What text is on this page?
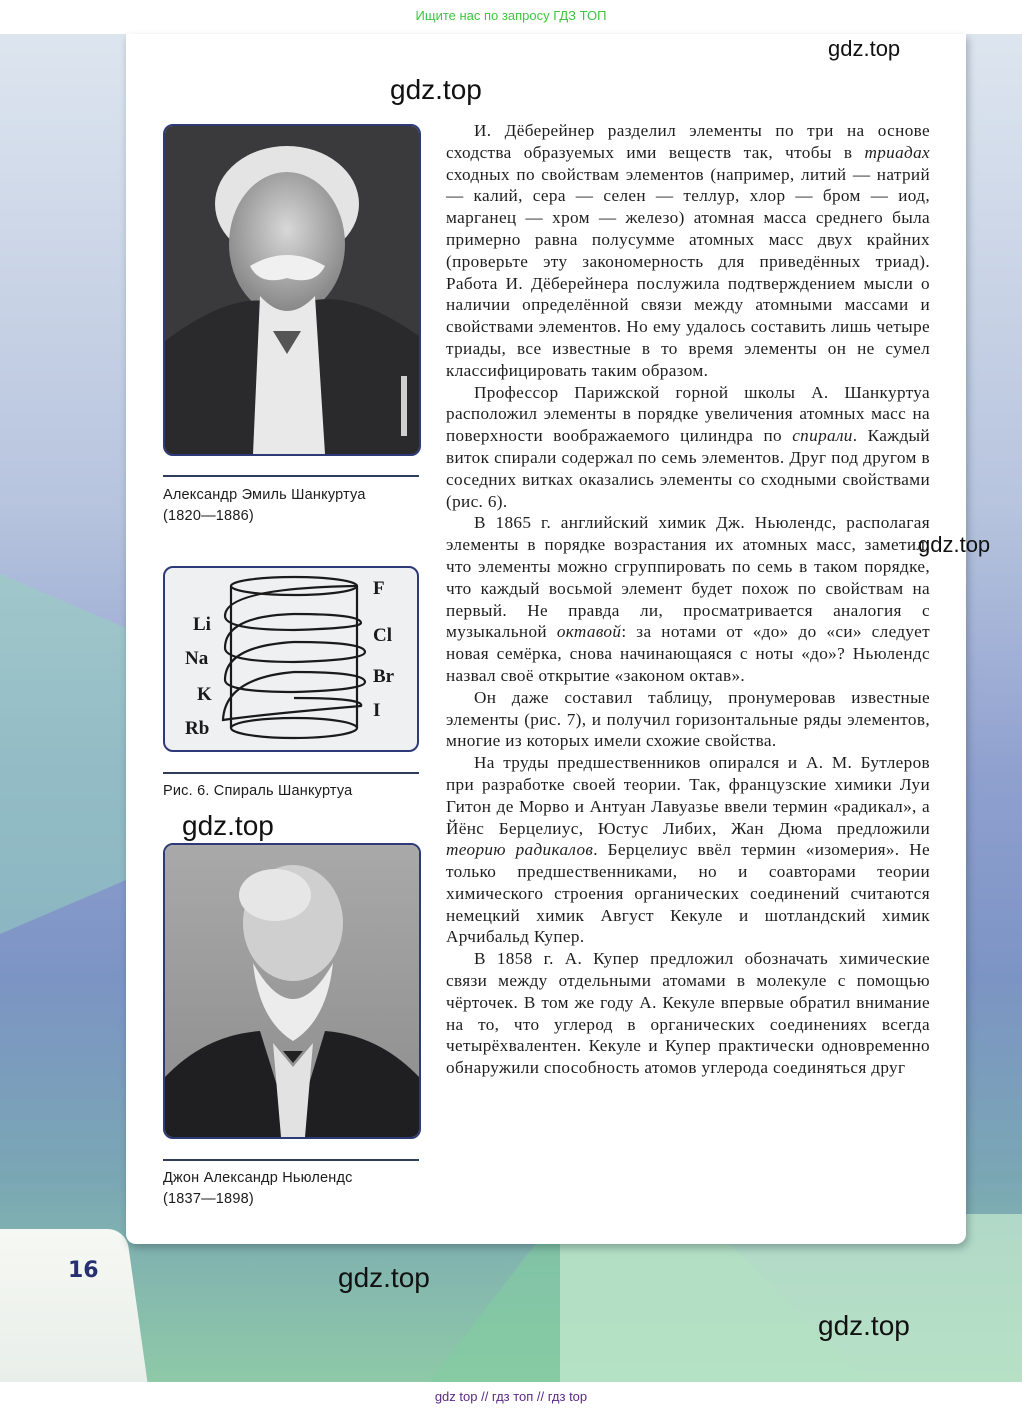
Ищите нас по запросу ГДЗ ТОП
16
Александр Эмиль Шанкуртуа
(1820—1886)
F
Cl
Br
I
Li
Na
K
Rb
Рис. 6. Спираль Шанкуртуа
Джон Александр Ньюлендс
(1837—1898)

И. Дёберейнер разделил элементы по три на основе сходства образуемых ими веществ так, чтобы в триадах сходных по свойствам элементов (например, литий — натрий — калий, сера — селен — теллур, хлор — бром — иод, марганец — хром — железо) атомная масса среднего была примерно равна полусумме атомных масс двух крайних (проверьте эту закономерность для приведённых триад). Работа И. Дёберейнера послужила подтверждением мысли о наличии определённой связи между атомными массами и свойствами элементов. Но ему удалось составить лишь четыре триады, все известные в то время элементы он не сумел классифицировать таким образом.

Профессор Парижской горной школы А. Шанкуртуа расположил элементы в порядке увеличения атомных масс на поверхности воображаемого цилиндра по спирали. Каждый виток спирали содержал по семь элементов. Друг под другом в соседних витках оказались элементы со сходными свойствами (рис. 6).

В 1865 г. английский химик Дж. Ньюлендс, располагая элементы в порядке возрастания их атомных масс, заметил, что элементы можно сгруппировать по семь в таком порядке, что каждый восьмой элемент будет похож по свойствам на первый. Не правда ли, просматривается аналогия с музыкальной октавой: за нотами от «до» до «си» следует новая семёрка, снова начинающаяся с ноты «до»? Ньюлендс назвал своё открытие «законом октав».

Он даже составил таблицу, пронумеровав известные элементы (рис. 7), и получил горизонтальные ряды элементов, многие из которых имели схожие свойства.

На труды предшественников опирался и А. М. Бутлеров при разработке своей теории. Так, французские химики Луи Гитон де Морво и Антуан Лавуазье ввели термин «радикал», а Йёнс Берцелиус, Юстус Либих, Жан Дюма предложили теорию радикалов. Берцелиус ввёл термин «изомерия». Не только предшественниками, но и соавторами теории химического строения органических соединений считаются немецкий химик Август Кекуле и шотландский химик Арчибальд Купер.

В 1858 г. А. Купер предложил обозначать химические связи между отдельными атомами в молекуле с помощью чёрточек. В том же году А. Кекуле впервые обратил внимание на то, что углерод в органических соединениях всегда четырёхвалентен. Кекуле и Купер практически одновременно обнаружили способность атомов углерода соединяться друг

gdz.top
gdz.top
gdz.top
gdz.top
gdz.top
gdz.top
gdz top // гдз топ // гдз top
